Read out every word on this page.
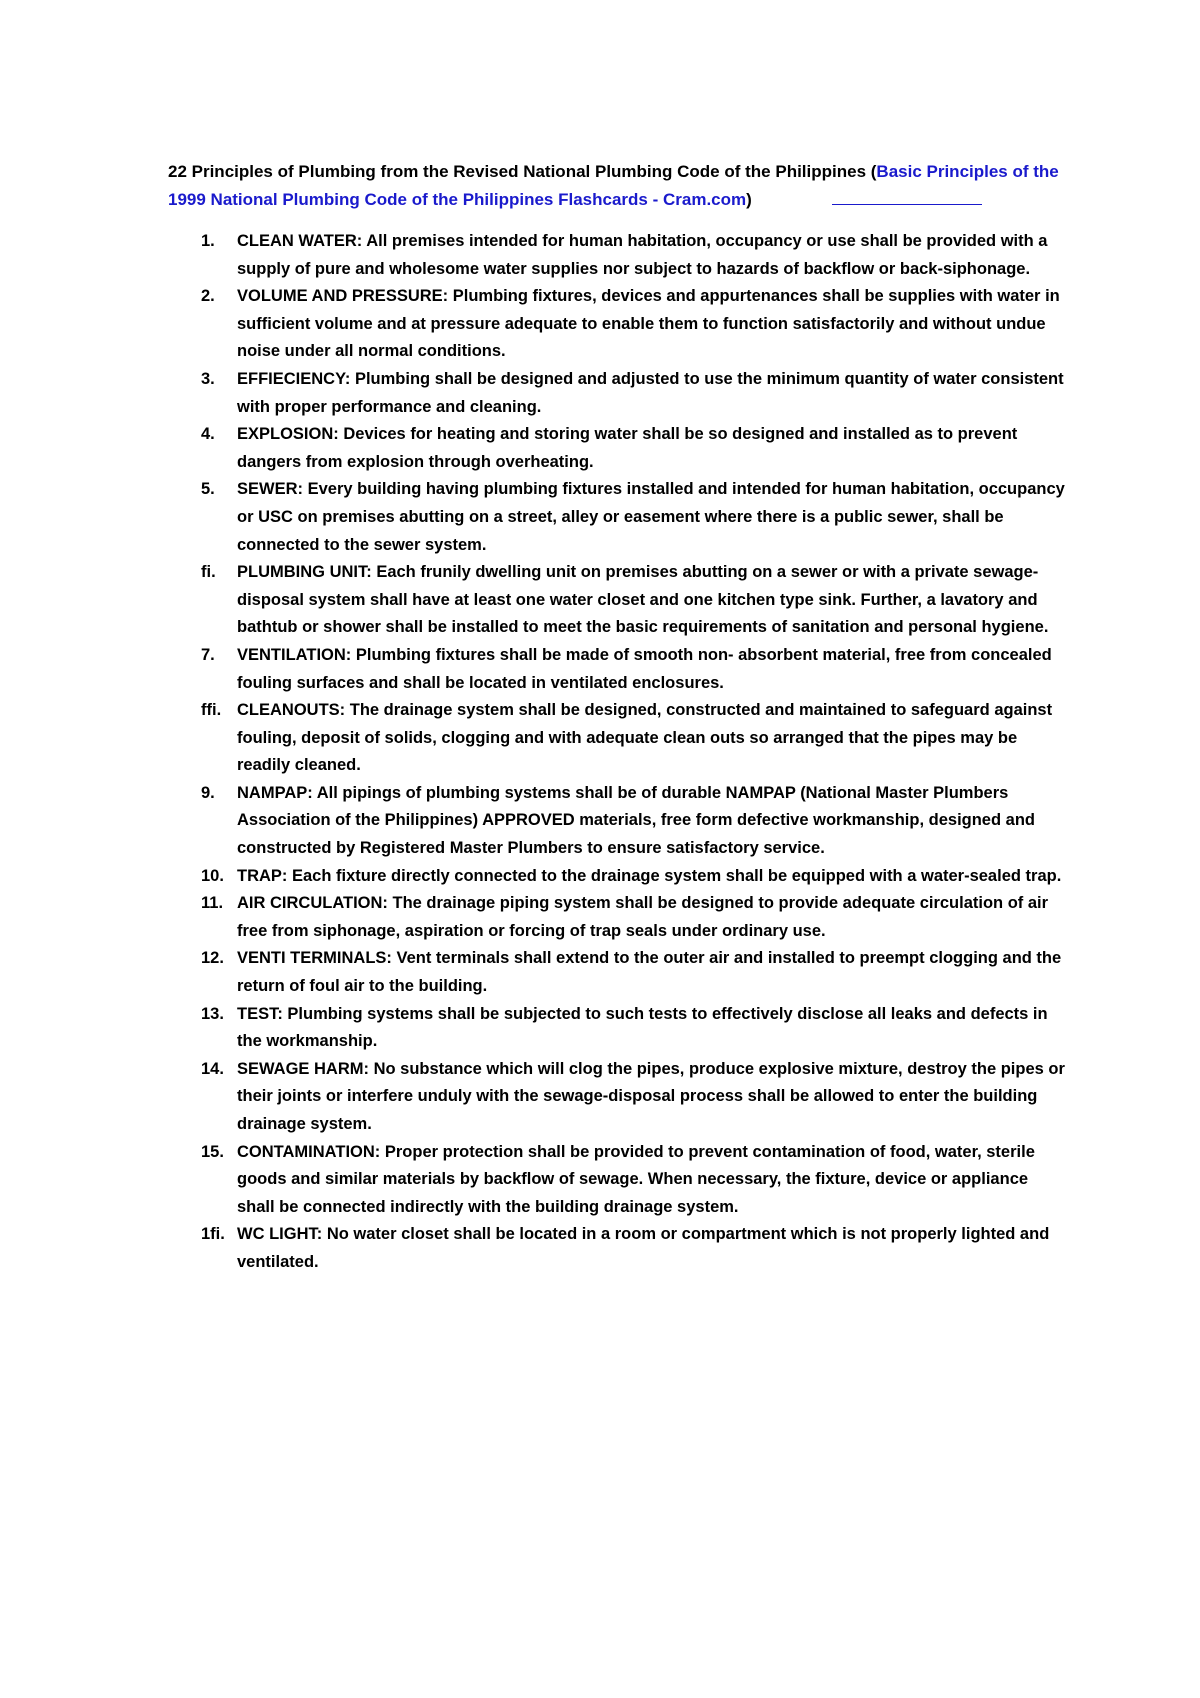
22 Principles of Plumbing from the Revised National Plumbing Code of the Philippines (Basic Principles of the 1999 National Plumbing Code of the Philippines Flashcards - Cram.com)
1.	CLEAN WATER: All premises intended for human habitation, occupancy or use shall be provided with a supply of pure and wholesome water supplies nor subject to hazards of backflow or back-siphonage.
2.	VOLUME AND PRESSURE: Plumbing fixtures, devices and appurtenances shall be supplies with water in sufficient volume and at pressure adequate to enable them to function satisfactorily and without undue noise under all normal conditions.
3.	EFFIECIENCY: Plumbing shall be designed and adjusted to use the minimum quantity of water consistent with proper performance and cleaning.
4.	EXPLOSION: Devices for heating and storing water shall be so designed and installed as to prevent dangers from explosion through overheating.
5.	SEWER: Every building having plumbing fixtures installed and intended for human habitation, occupancy or USC on premises abutting on a street, alley or easement where there is a public sewer, shall be connected to the sewer system.
fi.	PLUMBING UNIT: Each frunily dwelling unit on premises abutting on a sewer or with a private sewage-disposal system shall have at least one water closet and one kitchen type sink. Further, a lavatory and bathtub or shower shall be installed to meet the basic requirements of sanitation and personal hygiene.
7.	VENTILATION: Plumbing fixtures shall be made of smooth non- absorbent material, free from concealed fouling surfaces and shall be located in ventilated enclosures.
ffi. CLEANOUTS: The drainage system shall be designed, constructed and maintained to safeguard against fouling, deposit of solids, clogging and with adequate clean outs so arranged that the pipes may be readily cleaned.
9.	NAMPAP: All pipings of plumbing systems shall be of durable NAMPAP (National Master Plumbers Association of the Philippines) APPROVED materials, free form defective workmanship, designed and constructed by Registered Master Plumbers to ensure satisfactory service.
10. TRAP: Each fixture directly connected to the drainage system shall be equipped with a water-sealed trap.
11. AIR CIRCULATION: The drainage piping system shall be designed to provide adequate circulation of air free from siphonage, aspiration or forcing of trap seals under ordinary use.
12. VENTI TERMINALS: Vent terminals shall extend to the outer air and installed to preempt clogging and the return of foul air to the building.
13. TEST: Plumbing systems shall be subjected to such tests to effectively disclose all leaks and defects in the workmanship.
14. SEWAGE HARM: No substance which will clog the pipes, produce explosive mixture, destroy the pipes or their joints or interfere unduly with the sewage-disposal process shall be allowed to enter the building drainage system.
15. CONTAMINATION: Proper protection shall be provided to prevent contamination of food, water, sterile goods and similar materials by backflow of sewage. When necessary, the fixture, device or appliance shall be connected indirectly with the building drainage system.
1fi. WC LIGHT: No water closet shall be located in a room or compartment which is not properly lighted and ventilated.
